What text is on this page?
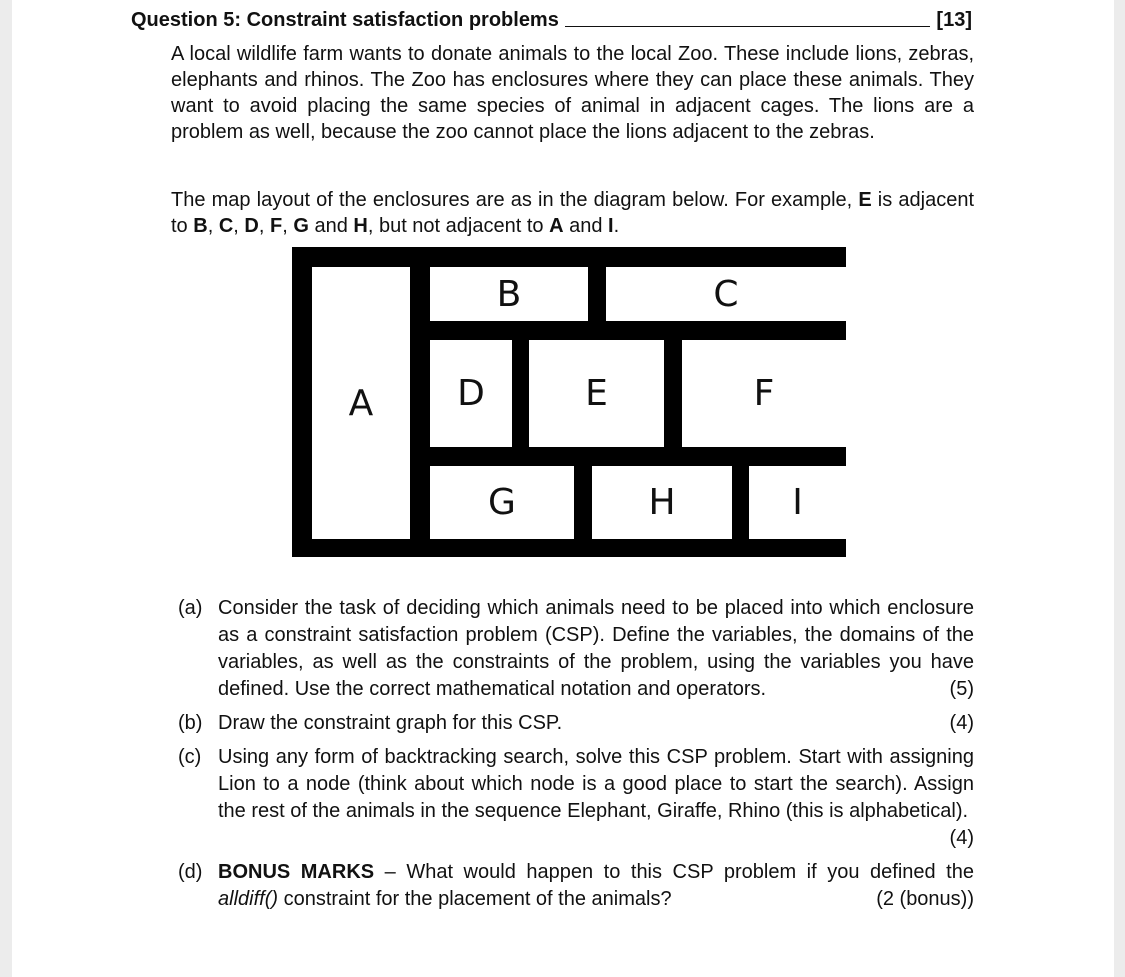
Question 5: Constraint satisfaction problems	[13]
A local wildlife farm wants to donate animals to the local Zoo. These include lions, zebras, elephants and rhinos. The Zoo has enclosures where they can place these animals. They want to avoid placing the same species of animal in adjacent cages. The lions are a problem as well, because the zoo cannot place the lions adjacent to the zebras.
The map layout of the enclosures are as in the diagram below. For example, E is adjacent to B, C, D, F, G and H, but not adjacent to A and I.
A
B	C
D	E	F
G	H	I
(a) Consider the task of deciding which animals need to be placed into which enclosure as a constraint satisfaction problem (CSP). Define the variables, the domains of the variables, as well as the constraints of the problem, using the variables you have defined. Use the correct mathematical notation and operators.	(5)
(b) Draw the constraint graph for this CSP.	(4)
(c) Using any form of backtracking search, solve this CSP problem. Start with assigning Lion to a node (think about which node is a good place to start the search). Assign the rest of the animals in the sequence Elephant, Giraffe, Rhino (this is alphabetical).
(4)
(d) BONUS MARKS – What would happen to this CSP problem if you defined the alldiff() constraint for the placement of the animals?	(2 (bonus))
